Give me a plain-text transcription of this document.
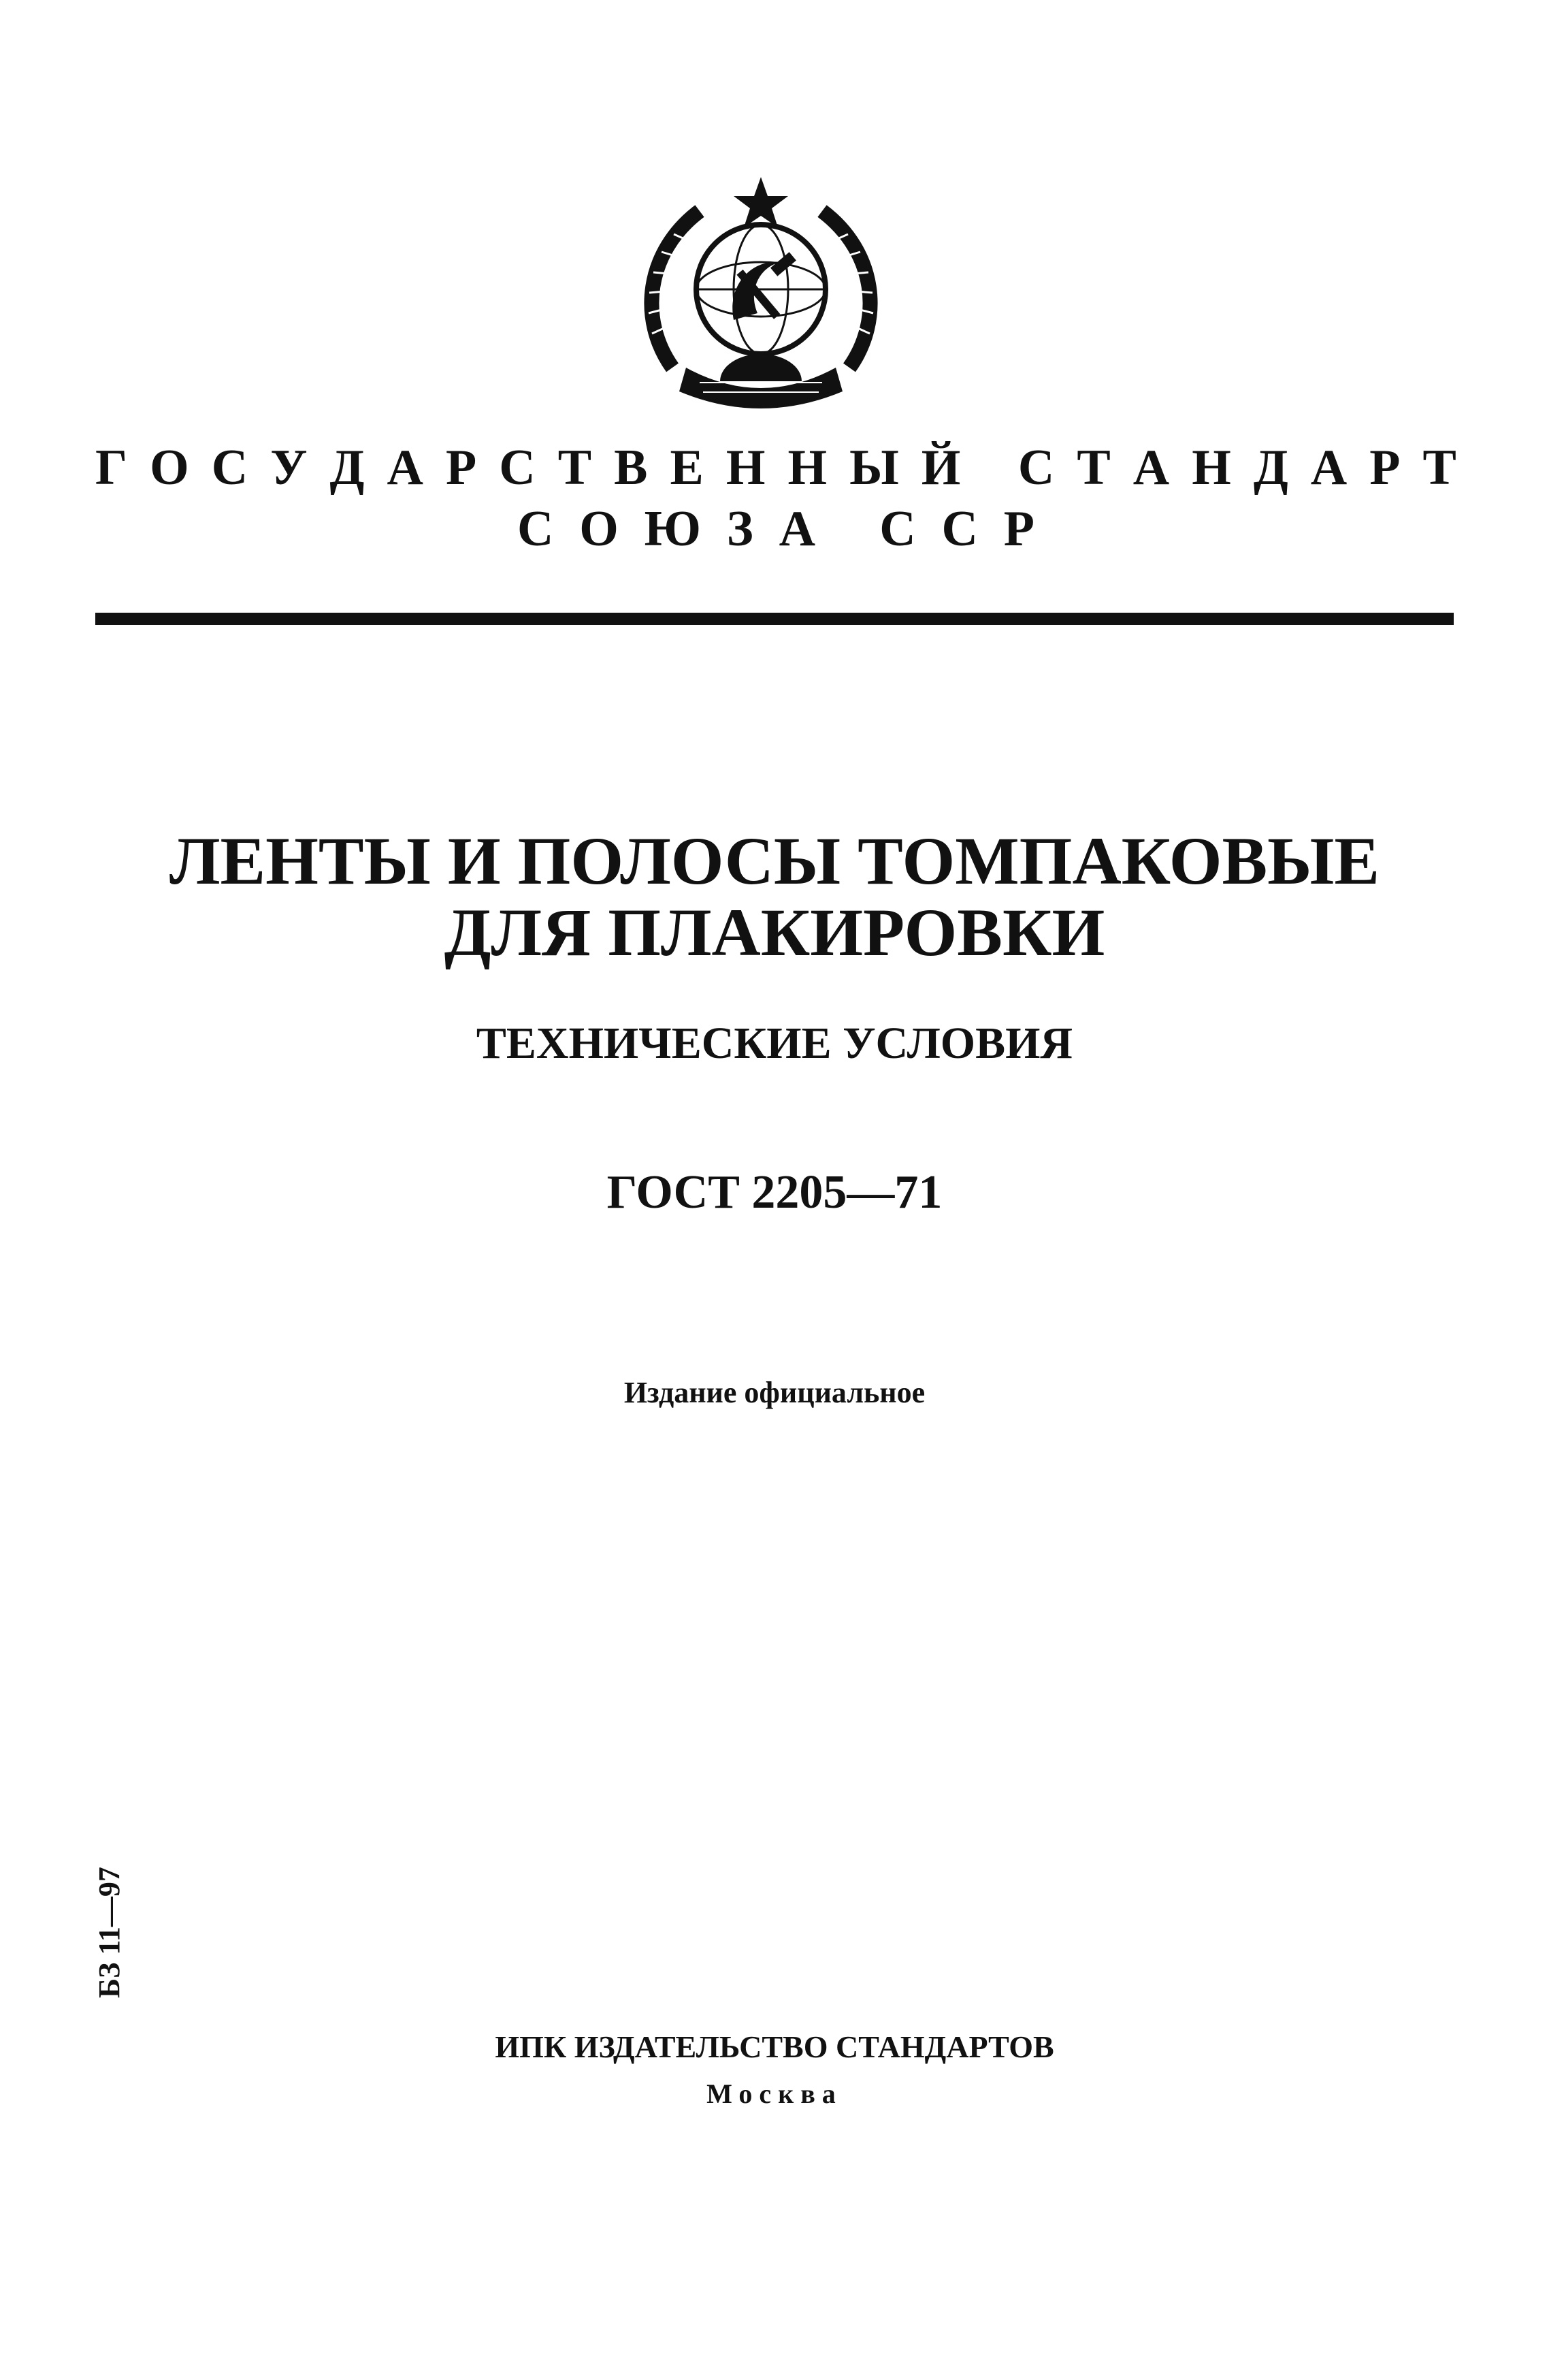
Г О С У Д А Р С Т В Е Н Н Ы Й
С Т А Н Д А Р Т
С О Ю З А
С С Р
ЛЕНТЫ И ПОЛОСЫ ТОМПАКОВЫЕ
ДЛЯ ПЛАКИРОВКИ
ТЕХНИЧЕСКИЕ УСЛОВИЯ
ГОСТ 2205—71
Издание официальное
БЗ 11—97
ИПК ИЗДАТЕЛЬСТВО СТАНДАРТОВ
Москва
